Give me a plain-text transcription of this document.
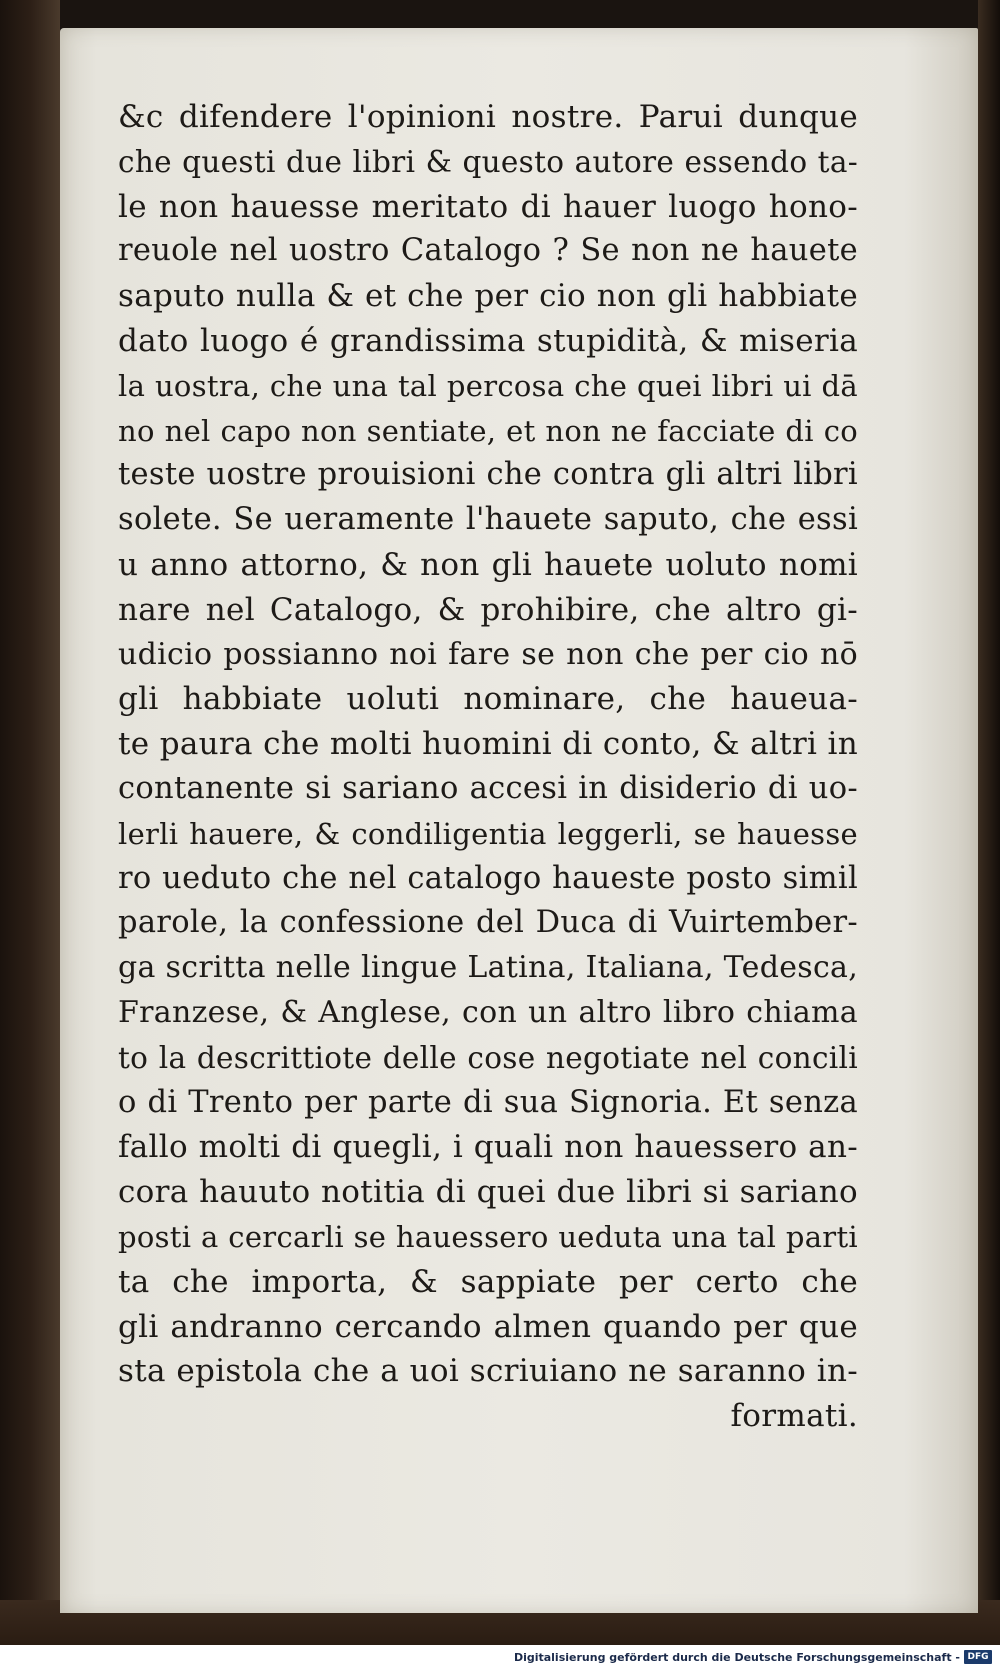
&c difendere l'opinioni nostre. Parui dunque
che questi due libri & questo autore essendo ta-
le non hauesse meritato di hauer luogo hono-
reuole nel uostro Catalogo ? Se non ne hauete
saputo nulla & et che per cio non gli habbiate
dato luogo é grandissima stupidità, & miseria
la uostra, che una tal percosa che quei libri ui dā
no nel capo non sentiate, et non ne facciate di co
teste uostre prouisioni che contra gli altri libri
solete. Se ueramente l'hauete saputo, che essi
u anno attorno, & non gli hauete uoluto nomi
nare nel Catalogo, & prohibire, che altro gi-
udicio possianno noi fare se non che per cio nō
gli habbiate uoluti nominare, che haueua-
te paura che molti huomini di conto, & altri in
contanente si sariano accesi in disiderio di uo-
lerli hauere, & condiligentia leggerli, se hauesse
ro ueduto che nel catalogo haueste posto simil
parole, la confessione del Duca di Vuirtember-
ga scritta nelle lingue Latina, Italiana, Tedesca,
Franzese, & Anglese, con un altro libro chiama
to la descrittiote delle cose negotiate nel concili
o di Trento per parte di sua Signoria. Et senza
fallo molti di quegli, i quali non hauessero an-
cora hauuto notitia di quei due libri si sariano
posti a cercarli se hauessero ueduta una tal parti
ta che importa, & sappiate per certo che
gli andranno cercando almen quando per que
sta epistola che a uoi scriuiano ne saranno in-
formati.
Digitalisierung gefördert durch die Deutsche Forschungsgemeinschaft - DFG
